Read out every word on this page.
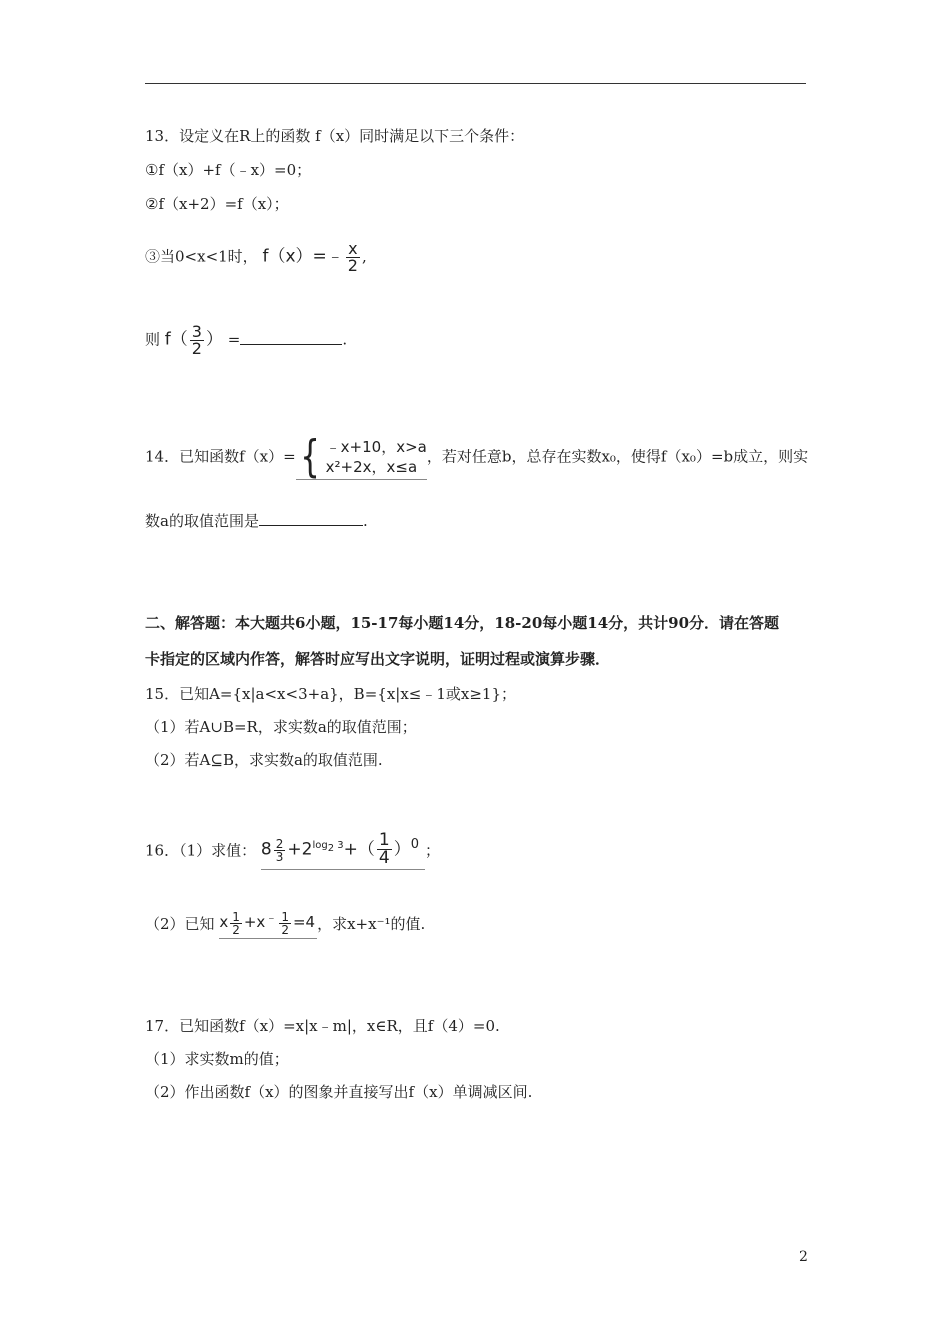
13．设定义在R上的函数 f（x）同时满足以下三个条件：
①f（x）+f（﹣x）=0；
②f（x+2）=f（x）；
③当0<x<1时， f（x）=﹣ $\frac{x}{2}$ ,
则 $f( \frac{3}{2}$ ） =	.
14．已知函数f（x）= { ﹣x+10，x>a
x²+2x，x≤a
，若对任意b，总存在实数x₀，使得f（x₀）=b成立，则实
数a的取值范围是	.
二、解答题：本大题共6小题，15-17每小题14分，18-20每小题14分，共计90分．请在答题
卡指定的区域内作答，解答时应写出文字说明，证明过程或演算步骤．
15．已知A={x|a<x<3+a}，B={x|x≤﹣1或x≥1}；
（1）若A∪B=R，求实数a的取值范围；
（2）若A⊆B，求实数a的取值范围.
16．（1）求值： $8 \frac{2}{3} +2^{log_2 3}+( \frac{1}{4} )^0$ ；
（2）已知 x $\frac{1}{2} +x^﹣ \frac{1}{2} =4$ ，求x+x⁻¹的值.
17．已知函数f（x）=x|x﹣m|，x∈R，且f（4）=0.
（1）求实数m的值；
（2）作出函数f（x）的图象并直接写出f（x）单调减区间.
2
